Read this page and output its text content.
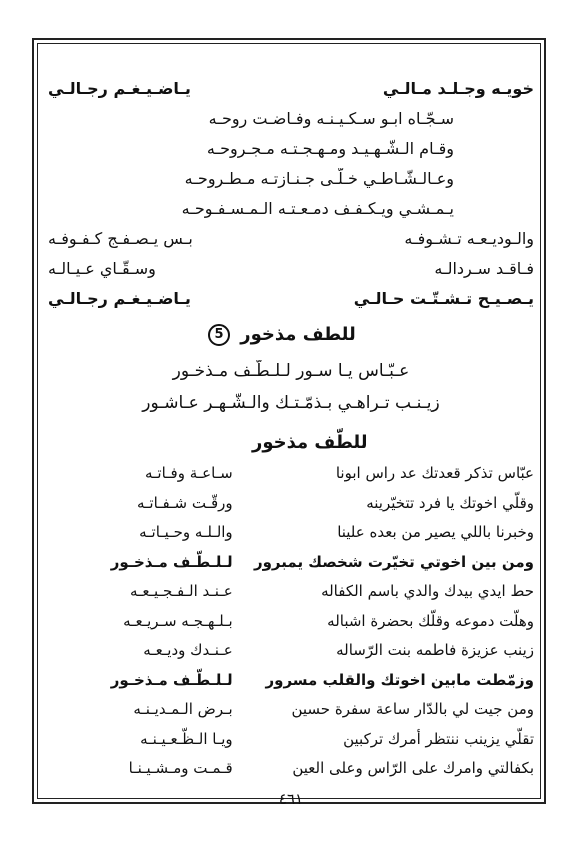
خويـه وجـلـد مـالـي
يـاضـيـغـم رجـالـي
سـجّـاه ابـو سـكـيـنـه وفـاضـت روحـه
وقـام الـشّـهـيـد ومـهـجـتـه مـجـروحـه
وعـالـشّـاطـي خـلّـى جـنـازتـه مـطـروحـه
يـمـشـي ويـكـفـف دمـعـتـه الـمـسـفـوحـه
والـوديـعـه تـشـوفـه
بـس يـصـفـج كـفـوفـه
فـاقـد سـردالـه
وسـقّـاي عـيـالـه
يـصـيـح تـشـتّـت حـالـي
يـاضـيـغـم رجـالـي
للطف مذخور 5
عـبّـاس يـا سـور لـلـطّـف مـذخـور
زيـنـب تـراهـي بـذمّـتـك والـشّـهـر عـاشـور
للطّف مذخور
عبّاس تذكر قعدتك عد راس ابونا
سـاعـة وفـاتـه
وقلّي اخوتك يا فرد تتخيّرينه
ورقّـت شـفـاتـه
وخبرنا باللي يصير من بعده علينا
والـلـه وحـيـاتـه
ومن بين اخوتي تخيّرت شخصك يمبرور
لـلـطّـف مـذخـور
حط ايدي بيدك والدي باسم الكفاله
عـنـد الـفـجـيـعـه
وهلّت دموعه وقلّك بحضرة اشباله
بـلـهـجـه سـريـعـه
زينب عزيزة فاطمه بنت الرّساله
عـنـدك وديـعـه
وزمّطت مابين اخوتك والقلب مسرور
لـلـطّـف مـذخـور
ومن جيت لي بالدّار ساعة سفرة حسين
بـرض الـمـديـنـه
تقلّي يزينب ننتظر أمرك تركبين
ويـا الـظّـعـيـنـه
بكفالتي وامرك على الرّاس وعلى العين
قـمـت ومـشـيـنـا
٤٦١
